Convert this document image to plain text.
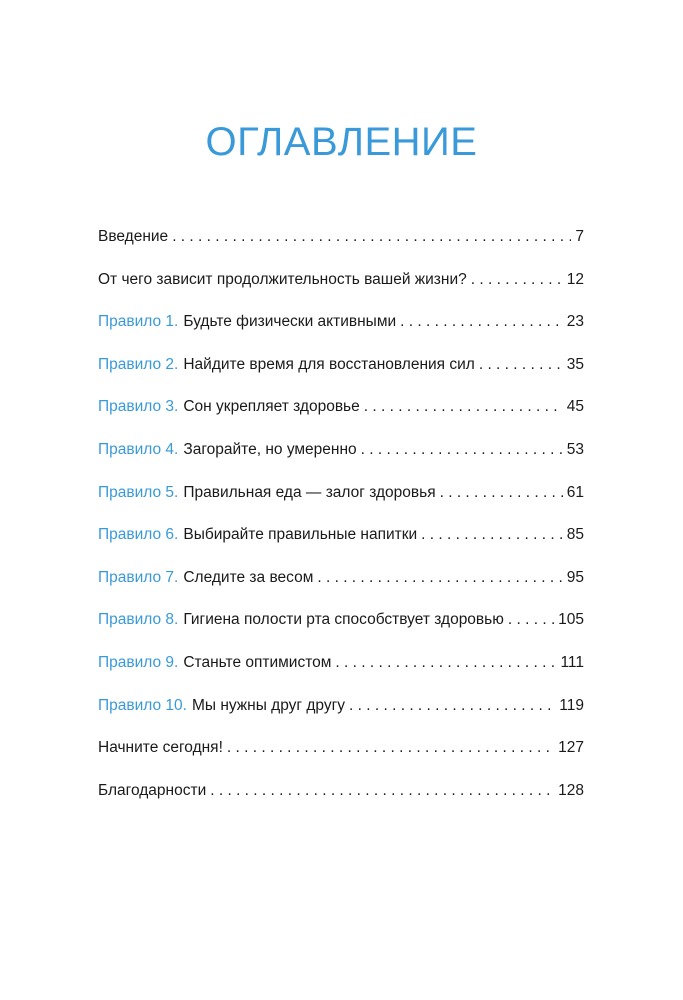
ОГЛАВЛЕНИЕ
Введение . . .	7
От чего зависит продолжительность вашей жизни? . . .	12
Правило 1. Будьте физически активными . . .	23
Правило 2. Найдите время для восстановления сил . . .	35
Правило 3. Сон укрепляет здоровье . . .	45
Правило 4. Загорайте, но умеренно . . .	53
Правило 5. Правильная еда — залог здоровья . . .	61
Правило 6. Выбирайте правильные напитки . . .	85
Правило 7. Следите за весом . . .	95
Правило 8. Гигиена полости рта способствует здоровью . . .	105
Правило 9. Станьте оптимистом . . .	111
Правило 10. Мы нужны друг другу . . .	119
Начните сегодня! . . .	127
Благодарности . . .	128
